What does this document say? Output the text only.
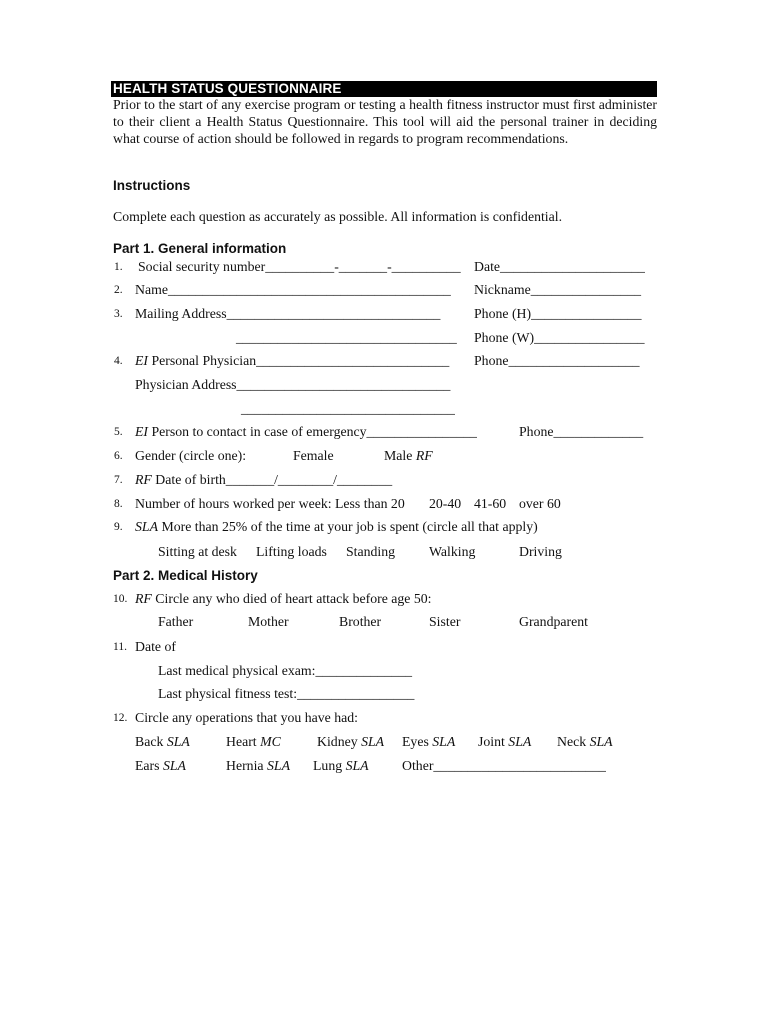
HEALTH STATUS QUESTIONNAIRE
Prior to the start of any exercise program or testing a health fitness instructor must first administer
to their client a Health Status Questionnaire. This tool will aid the personal trainer in deciding
what course of action should be followed in regards to program recommendations.
Instructions
Complete each question as accurately as possible. All information is confidential.
Part 1. General information
1. Social security number__________-_______-__________ Date_____________________
2. Name_________________________________________ Nickname________________
3. Mailing Address_______________________________ Phone (H)________________
________________________________ Phone (W)________________
4. EI Personal Physician____________________________ Phone___________________
Physician Address_______________________________
_______________________________
5. EI Person to contact in case of emergency________________	Phone_____________
6. Gender (circle one):	Female	Male RF
7. RF Date of birth_______/________/________
8. Number of hours worked per week: Less than 20 20-40 41-60 over 60
9. SLA More than 25% of the time at your job is spent (circle all that apply)
Sitting at desk Lifting loads Standing Walking	Driving
Part 2. Medical History
10. RF Circle any who died of heart attack before age 50:
Father	Mother	Brother	Sister	Grandparent
11. Date of
Last medical physical exam:______________
Last physical fitness test:_________________
12. Circle any operations that you have had:
Back SLA	Heart MC	Kidney SLA Eyes SLA Joint SLA Neck SLA
Ears SLA	Hernia SLA Lung SLA Other_________________________
